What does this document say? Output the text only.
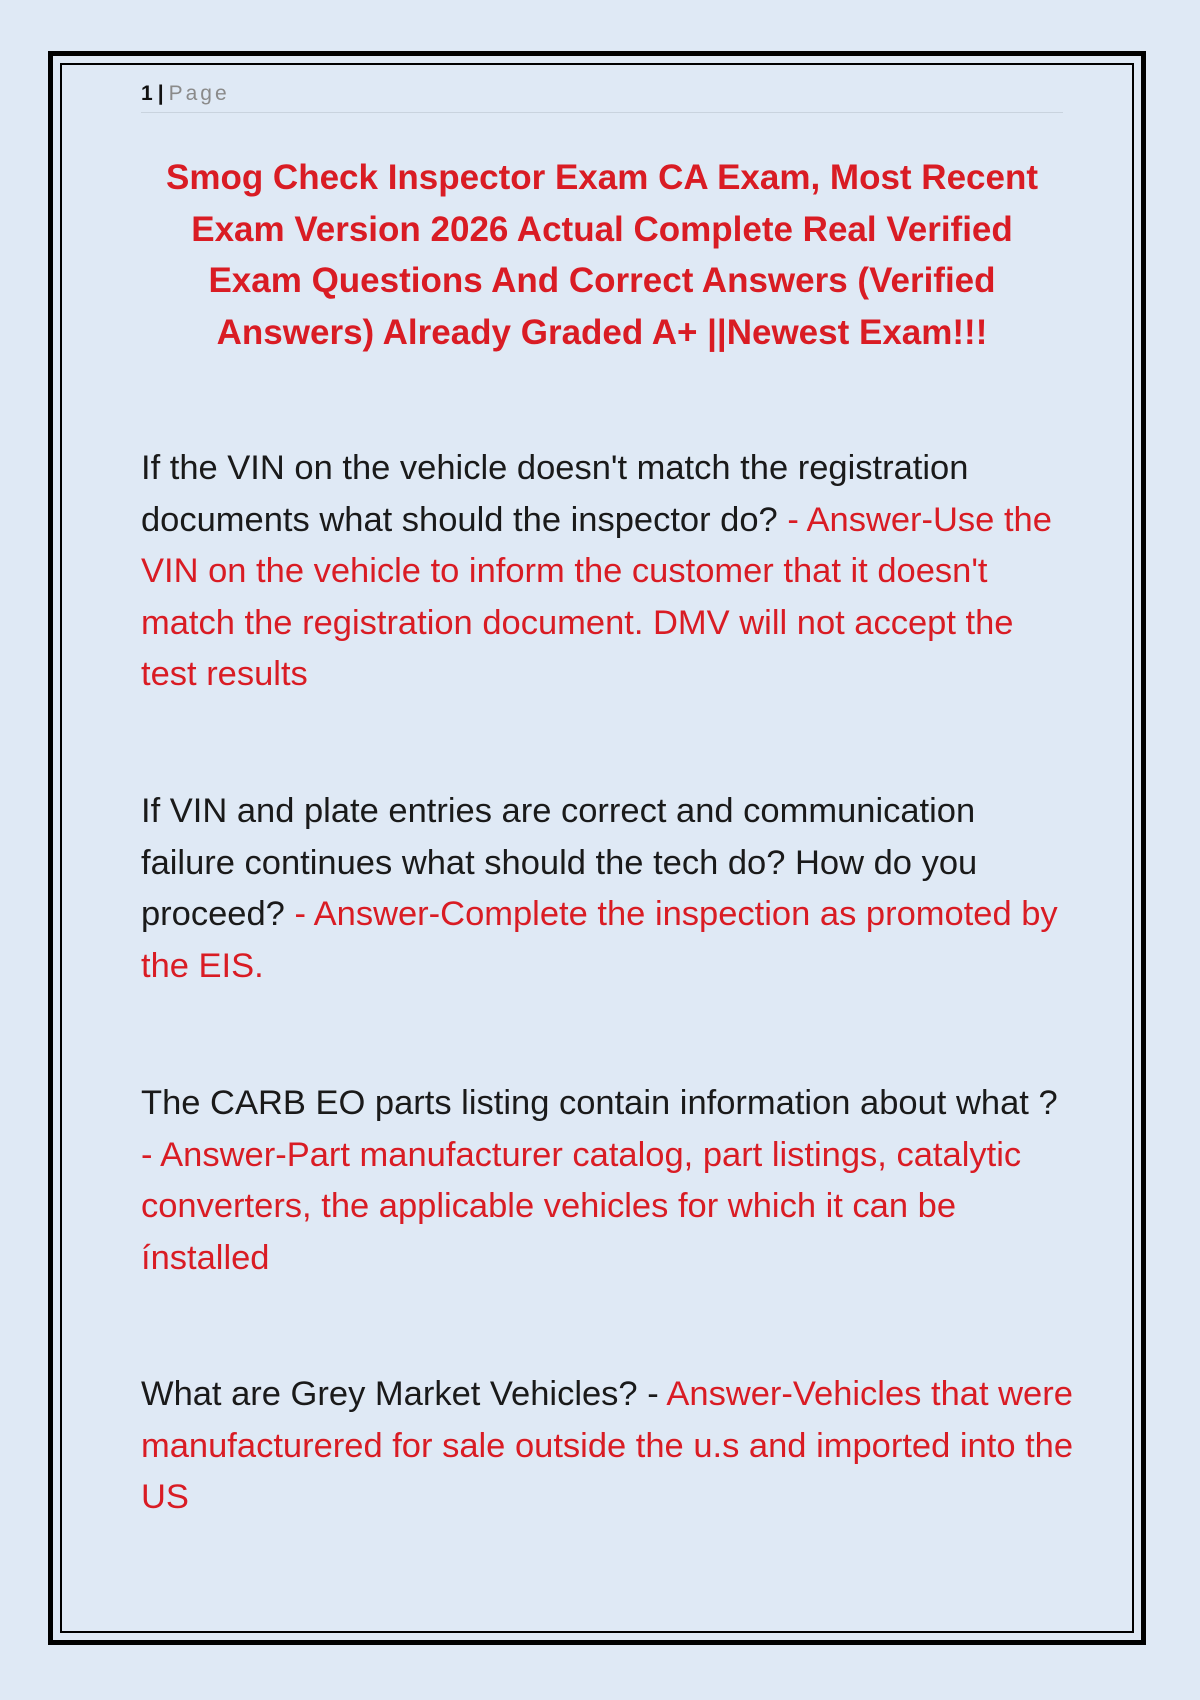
1 | Page
Smog Check Inspector Exam CA Exam, Most Recent Exam Version 2026 Actual Complete Real Verified Exam Questions And Correct Answers (Verified Answers) Already Graded A+ ||Newest Exam!!!

If the VIN on the vehicle doesn't match the registration documents what should the inspector do? - Answer-Use the VIN on the vehicle to inform the customer that it doesn't match the registration document. DMV will not accept the test results

If VIN and plate entries are correct and communication failure continues what should the tech do? How do you proceed? - Answer-Complete the inspection as promoted by the EIS.

The CARB EO parts listing contain information about what ? - Answer-Part manufacturer catalog, part listings, catalytic converters, the applicable vehicles for which it can be ínstalled

What are Grey Market Vehicles? - Answer-Vehicles that were manufacturered for sale outside the u.s and imported into the US
